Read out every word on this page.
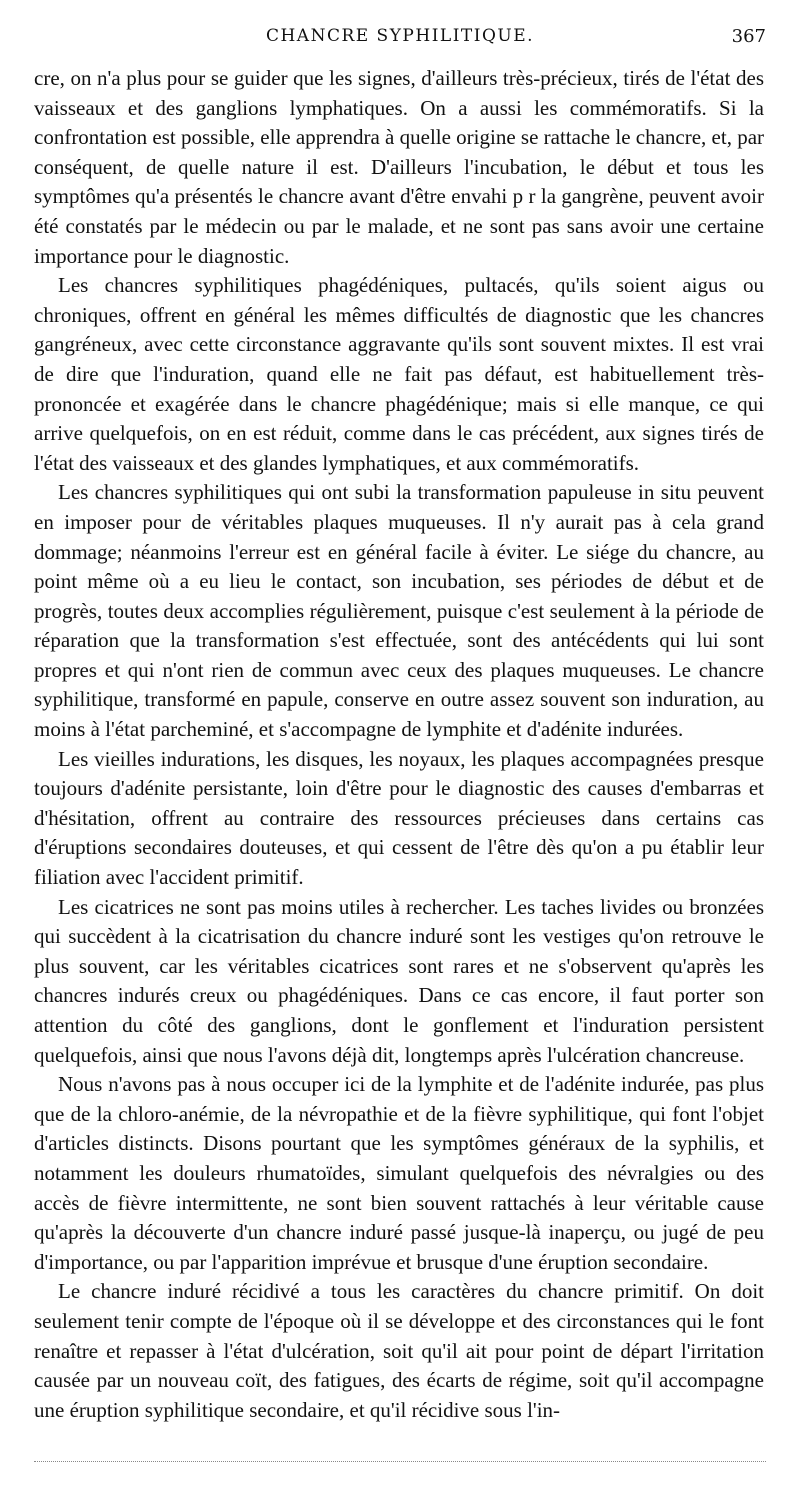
CHANCRE SYPHILITIQUE.	367

cre, on n'a plus pour se guider que les signes, d'ailleurs très-précieux, tirés de l'état des vaisseaux et des ganglions lymphatiques. On a aussi les commémoratifs. Si la confrontation est possible, elle apprendra à quelle origine se rattache le chancre, et, par conséquent, de quelle nature il est. D'ailleurs l'incubation, le début et tous les symptômes qu'a présentés le chancre avant d'être envahi p r la gangrène, peuvent avoir été constatés par le médecin ou par le malade, et ne sont pas sans avoir une certaine importance pour le diagnostic.

Les chancres syphilitiques phagédéniques, pultacés, qu'ils soient aigus ou chroniques, offrent en général les mêmes difficultés de diagnostic que les chancres gangréneux, avec cette circonstance aggravante qu'ils sont souvent mixtes. Il est vrai de dire que l'induration, quand elle ne fait pas défaut, est habituellement très-prononcée et exagérée dans le chancre phagédénique; mais si elle manque, ce qui arrive quelquefois, on en est réduit, comme dans le cas précédent, aux signes tirés de l'état des vaisseaux et des glandes lymphatiques, et aux commémoratifs.

Les chancres syphilitiques qui ont subi la transformation papuleuse in situ peuvent en imposer pour de véritables plaques muqueuses. Il n'y aurait pas à cela grand dommage; néanmoins l'erreur est en général facile à éviter. Le siége du chancre, au point même où a eu lieu le contact, son incubation, ses périodes de début et de progrès, toutes deux accomplies régulièrement, puisque c'est seulement à la période de réparation que la transformation s'est effectuée, sont des antécédents qui lui sont propres et qui n'ont rien de commun avec ceux des plaques muqueuses. Le chancre syphilitique, transformé en papule, conserve en outre assez souvent son induration, au moins à l'état parcheminé, et s'accompagne de lymphite et d'adénite indurées.

Les vieilles indurations, les disques, les noyaux, les plaques accompagnées presque toujours d'adénite persistante, loin d'être pour le diagnostic des causes d'embarras et d'hésitation, offrent au contraire des ressources précieuses dans certains cas d'éruptions secondaires douteuses, et qui cessent de l'être dès qu'on a pu établir leur filiation avec l'accident primitif.

Les cicatrices ne sont pas moins utiles à rechercher. Les taches livides ou bronzées qui succèdent à la cicatrisation du chancre induré sont les vestiges qu'on retrouve le plus souvent, car les véritables cicatrices sont rares et ne s'observent qu'après les chancres indurés creux ou phagédéniques. Dans ce cas encore, il faut porter son attention du côté des ganglions, dont le gonflement et l'induration persistent quelquefois, ainsi que nous l'avons déjà dit, longtemps après l'ulcération chancreuse.

Nous n'avons pas à nous occuper ici de la lymphite et de l'adénite indurée, pas plus que de la chloro-anémie, de la névropathie et de la fièvre syphilitique, qui font l'objet d'articles distincts. Disons pourtant que les symptômes généraux de la syphilis, et notamment les douleurs rhumatoïdes, simulant quelquefois des névralgies ou des accès de fièvre intermittente, ne sont bien souvent rattachés à leur véritable cause qu'après la découverte d'un chancre induré passé jusque-là inaperçu, ou jugé de peu d'importance, ou par l'apparition imprévue et brusque d'une éruption secondaire.

Le chancre induré récidivé a tous les caractères du chancre primitif. On doit seulement tenir compte de l'époque où il se développe et des circonstances qui le font renaître et repasser à l'état d'ulcération, soit qu'il ait pour point de départ l'irritation causée par un nouveau coït, des fatigues, des écarts de régime, soit qu'il accompagne une éruption syphilitique secondaire, et qu'il récidive sous l'in-
